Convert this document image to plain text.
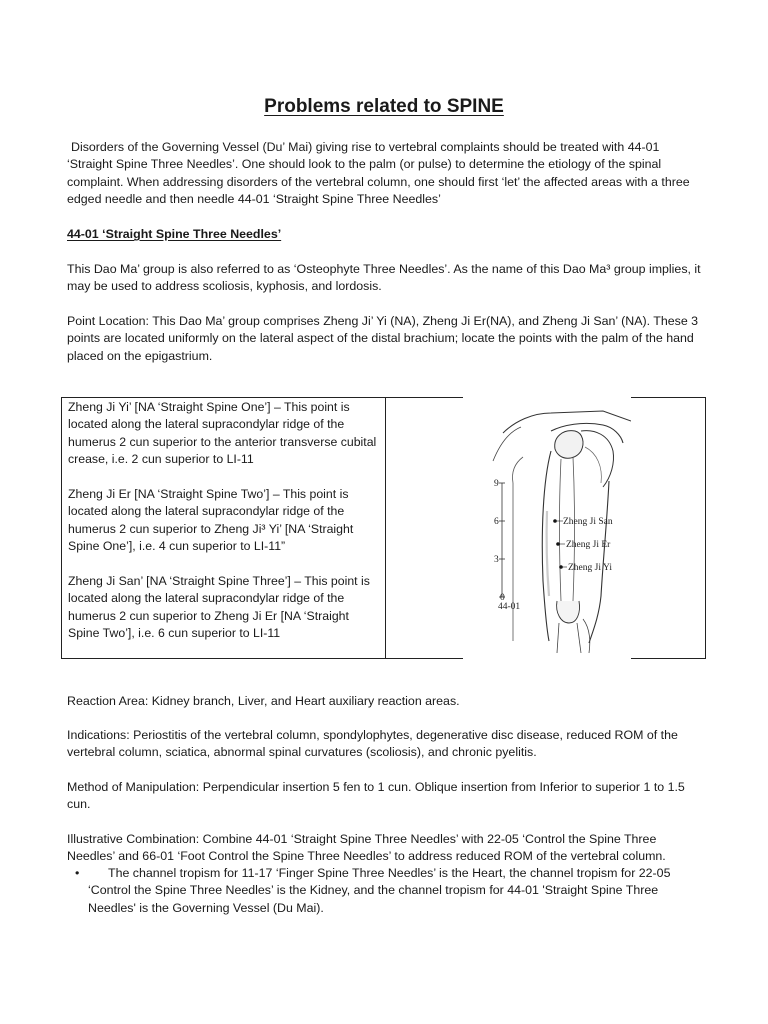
Problems related to SPINE

Disorders of the Governing Vessel (Du’ Mai) giving rise to vertebral complaints should be treated with 44-01 ‘Straight Spine Three Needles’. One should look to the palm (or pulse) to determine the etiology of the spinal complaint. When addressing disorders of the vertebral column, one should first ‘let’ the affected areas with a three edged needle and then needle 44-01 ‘Straight Spine Three Needles’

44-01 ‘Straight Spine Three Needles’

This Dao Ma’ group is also referred to as ‘Osteophyte Three Needles’. As the name of this Dao Ma³ group implies, it may be used to address scoliosis, kyphosis, and lordosis.

Point Location: This Dao Ma’ group comprises Zheng Ji’ Yi (NA), Zheng Ji Er(NA), and Zheng Ji San’ (NA). These 3 points are located uniformly on the lateral aspect of the distal brachium; locate the points with the palm of the hand placed on the epigastrium.

Zheng Ji Yi’ [NA ‘Straight Spine One’] – This point is located along the lateral supracondylar ridge of the humerus 2 cun superior to the anterior transverse cubital crease, i.e. 2 cun superior to LI-11

Zheng Ji Er [NA ‘Straight Spine Two’] – This point is located along the lateral supracondylar ridge of the humerus 2 cun superior to Zheng Ji³ Yi’ [NA ‘Straight Spine One’], i.e. 4 cun superior to LI-11”

Zheng Ji San’ [NA ‘Straight Spine Three’] – This point is located along the lateral supracondylar ridge of the humerus 2 cun superior to Zheng Ji Er [NA ‘Straight Spine Two’], i.e. 6 cun superior to LI-11

9
6
3
0
44-01
Zheng Ji San
Zheng Ji Er
Zheng Ji Yi

Reaction Area: Kidney branch, Liver, and Heart auxiliary reaction areas.

Indications: Periostitis of the vertebral column, spondylophytes, degenerative disc disease, reduced ROM of the vertebral column, sciatica, abnormal spinal curvatures (scoliosis), and chronic pyelitis.

Method of Manipulation: Perpendicular insertion 5 fen to 1 cun. Oblique insertion from Inferior to superior 1 to 1.5 cun.

Illustrative Combination: Combine 44-01 ‘Straight Spine Three Needles’ with 22-05 ‘Control the Spine Three Needles’ and 66-01 ‘Foot Control the Spine Three Needles’ to address reduced ROM of the vertebral column.

•	The channel tropism for 11-17 ‘Finger Spine Three Needles’ is the Heart, the channel tropism for 22-05 ‘Control the Spine Three Needles’ is the Kidney, and the channel tropism for 44-01 'Straight Spine Three Needles' is the Governing Vessel (Du Mai).
